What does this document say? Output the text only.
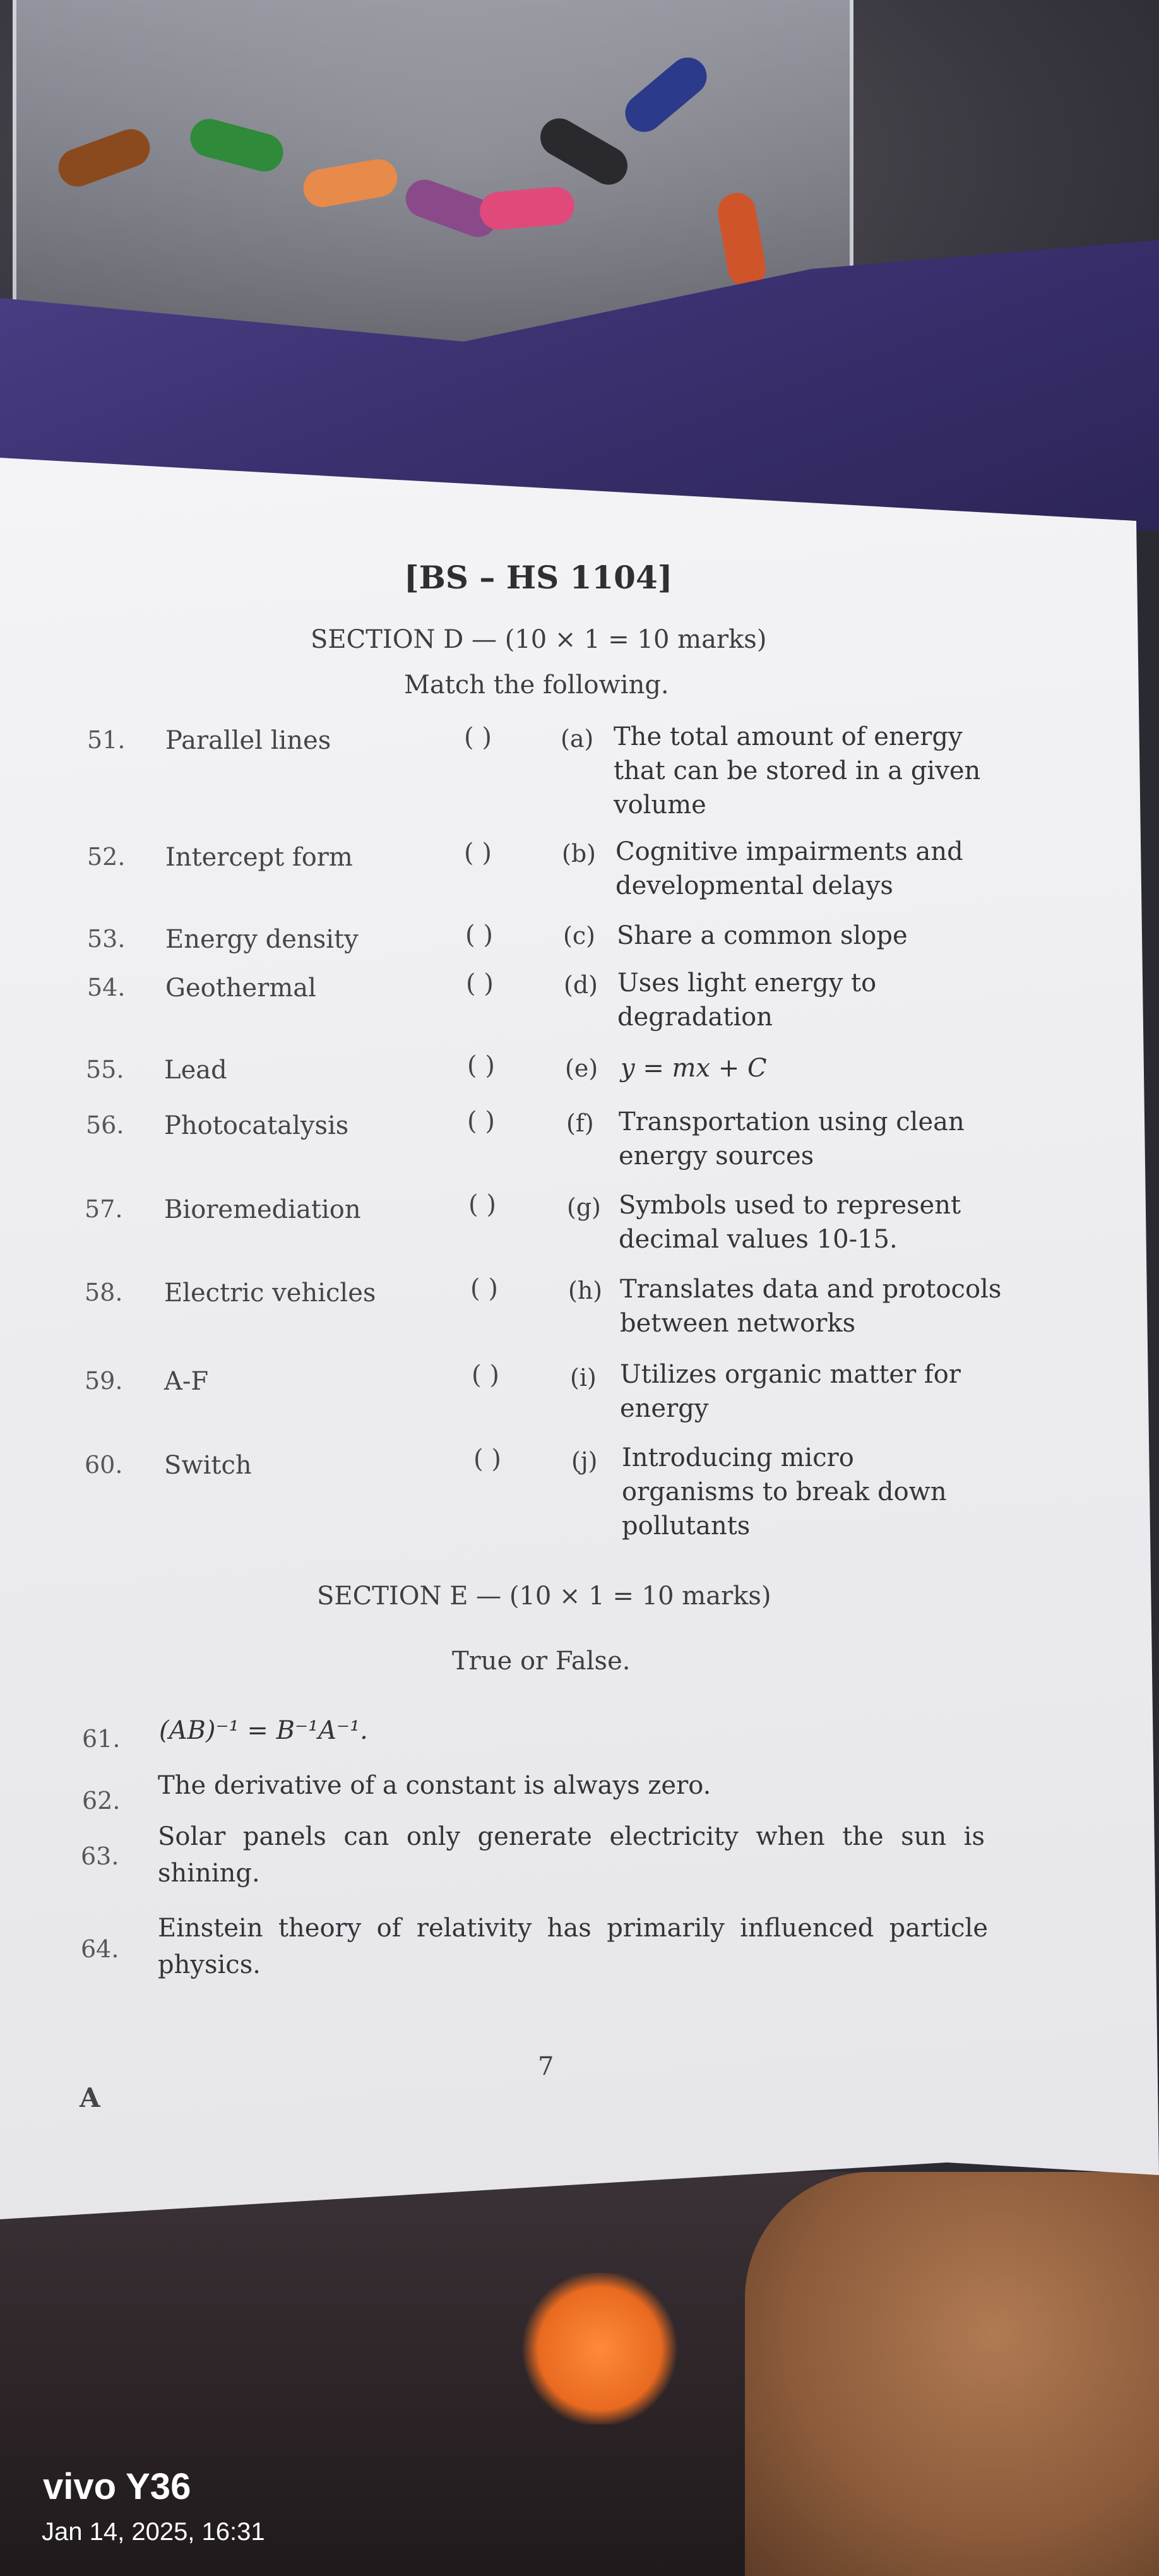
[BS – HS 1104]
SECTION D — (10 × 1 = 10 marks)
Match the following.
51. Parallel lines	( )	(a) The total amount of energy that can be stored in a given volume
52. Intercept form	( )	(b) Cognitive impairments and developmental delays
53. Energy density	( )	(c) Share a common slope
54. Geothermal	( )	(d) Uses light energy to degradation
55. Lead	( )	(e) y = mx + C
56. Photocatalysis	( )	(f) Transportation using clean energy sources
57. Bioremediation	( )	(g) Symbols used to represent decimal values 10-15.
58. Electric vehicles	( )	(h) Translates data and protocols between networks
59. A-F	( )	(i) Utilizes organic matter for energy
60. Switch	( )	(j) Introducing micro organisms to break down pollutants
SECTION E — (10 × 1 = 10 marks)
True or False.
61. (AB)⁻¹ = B⁻¹A⁻¹.
62.
The derivative of a constant is always zero.
63.
Solar panels can only generate electricity when the sun is shining.
64.
Einstein theory of relativity has primarily influenced particle physics.
7
A
vivo Y36
Jan 14, 2025, 16:31
